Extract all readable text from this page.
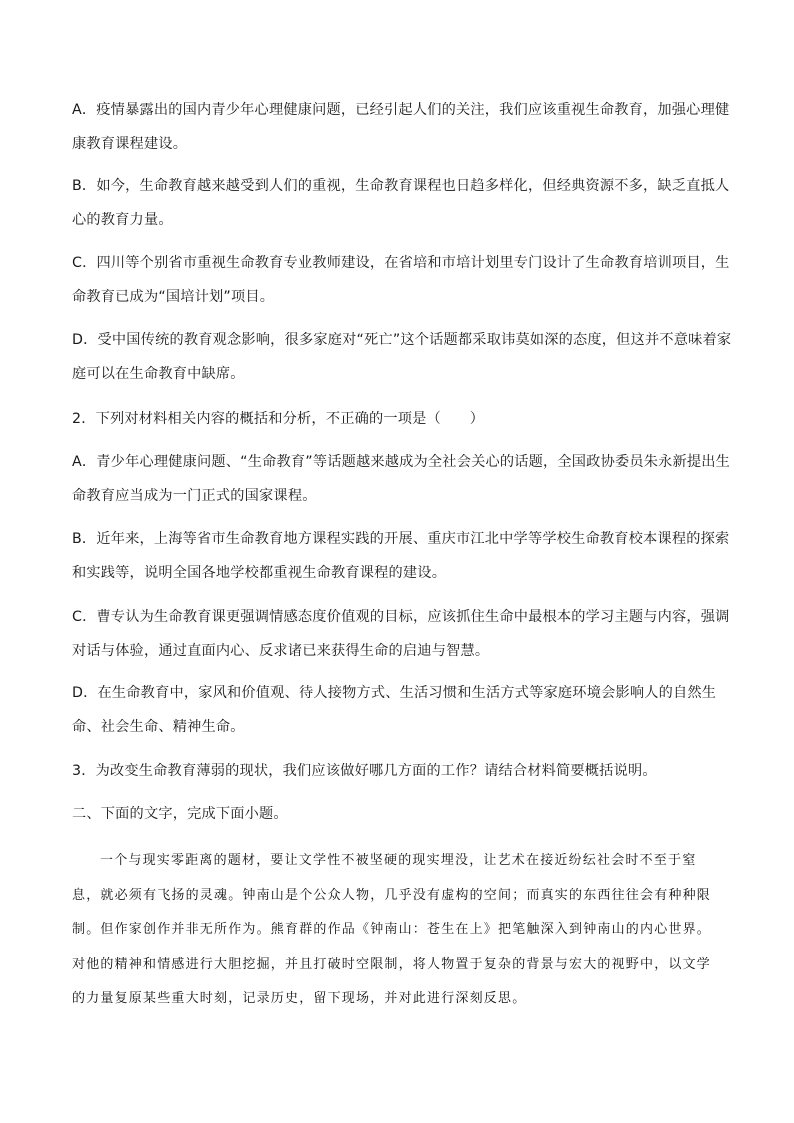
A．疫情暴露出的国内青少年心理健康问题，已经引起人们的关注，我们应该重视生命教育，加强心理健康教育课程建设。

B．如今，生命教育越来越受到人们的重视，生命教育课程也日趋多样化，但经典资源不多，缺乏直抵人心的教育力量。

C．四川等个别省市重视生命教育专业教师建设，在省培和市培计划里专门设计了生命教育培训项目，生命教育已成为“国培计划”项目。

D．受中国传统的教育观念影响，很多家庭对“死亡”这个话题都采取讳莫如深的态度，但这并不意味着家庭可以在生命教育中缺席。

2．下列对材料相关内容的概括和分析，不正确的一项是（　　）

A．青少年心理健康问题、“生命教育”等话题越来越成为全社会关心的话题，全国政协委员朱永新提出生命教育应当成为一门正式的国家课程。

B．近年来，上海等省市生命教育地方课程实践的开展、重庆市江北中学等学校生命教育校本课程的探索和实践等，说明全国各地学校都重视生命教育课程的建设。

C．曹专认为生命教育课更强调情感态度价值观的目标，应该抓住生命中最根本的学习主题与内容，强调对话与体验，通过直面内心、反求诸已来获得生命的启迪与智慧。

D．在生命教育中，家风和价值观、待人接物方式、生活习惯和生活方式等家庭环境会影响人的自然生命、社会生命、精神生命。

3．为改变生命教育薄弱的现状，我们应该做好哪几方面的工作？请结合材料简要概括说明。

二、下面的文字，完成下面小题。

一个与现实零距离的题材，要让文学性不被坚硬的现实埋没，让艺术在接近纷纭社会时不至于窒息，就必须有飞扬的灵魂。钟南山是个公众人物，几乎没有虚构的空间；而真实的东西往往会有种种限制。但作家创作并非无所作为。熊育群的作品《钟南山：苍生在上》把笔触深入到钟南山的内心世界。对他的精神和情感进行大胆挖掘，并且打破时空限制，将人物置于复杂的背景与宏大的视野中，以文学的力量复原某些重大时刻，记录历史，留下现场，并对此进行深刻反思。
